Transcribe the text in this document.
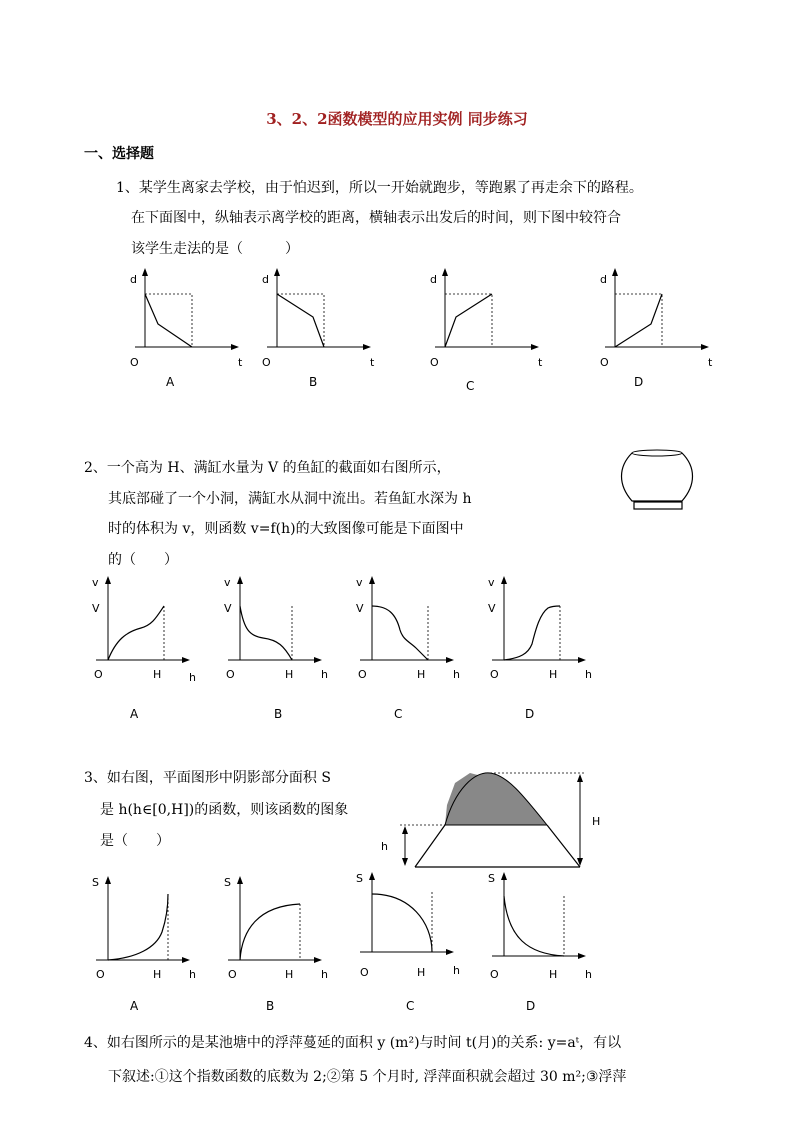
3、2、2函数模型的应用实例 同步练习
一、选择题
1、某学生离家去学校，由于怕迟到，所以一开始就跑步，等跑累了再走余下的路程。
在下面图中，纵轴表示离学校的距离，横轴表示出发后的时间，则下图中较符合
该学生走法的是（　　　）
d
t
O
A
d
t
O
B
d
t
O
C
d
t
O
D
2、一个高为 H、满缸水量为 V 的鱼缸的截面如右图所示，
其底部碰了一个小洞，满缸水从洞中流出。若鱼缸水深为 h
时的体积为 v，则函数 v=f(h)的大致图像可能是下面图中
的（　　）
v
V
O	H	h
A
v
V
O	H	h
B
v
V
O	H	h
C
v
V
O	H	h
D
3、如右图，平面图形中阴影部分面积 S
是 h(h∈[0,H])的函数，则该函数的图象
是（　　）	h
H
S
O	H	h
A
S
O	H	h
B
S
O	H	h
C
S
O	H	h
D
4、如右图所示的是某池塘中的浮萍蔓延的面积 y (m²)与时间 t(月)的关系: y=aᵗ，有以
下叙述:①这个指数函数的底数为 2;②第 5 个月时, 浮萍面积就会超过 30 m²;③浮萍
